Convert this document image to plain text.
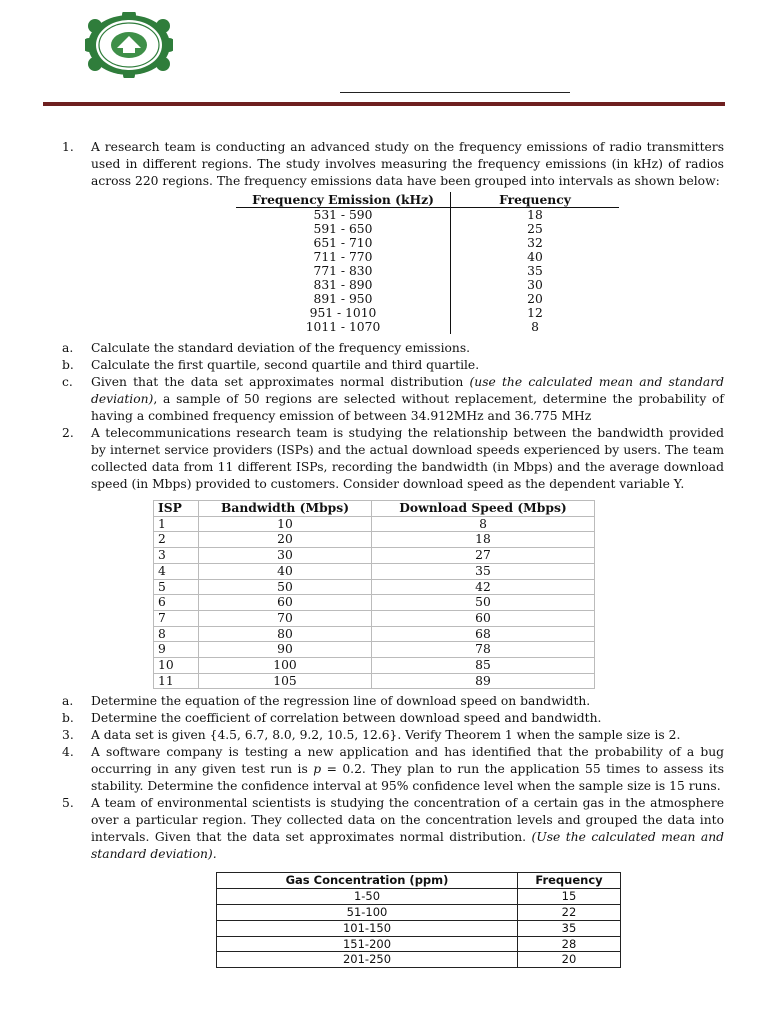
1.	A research team is conducting an advanced study on the frequency emissions of radio transmitters used in different regions. The study involves measuring the frequency emissions (in kHz) of radios across 220 regions. The frequency emissions data have been grouped into intervals as shown below:
Frequency Emission (kHz)	Frequency
531 - 590	18
591 - 650	25
651 - 710	32
711 - 770	40
771 - 830	35
831 - 890	30
891 - 950	20
951 - 1010	12
1011 - 1070	8
a.	Calculate the standard deviation of the frequency emissions.
b.	Calculate the first quartile, second quartile and third quartile.
c.	Given that the data set approximates normal distribution (use the calculated mean and standard deviation), a sample of 50 regions are selected without replacement, determine the probability of having a combined frequency emission of between 34.912MHz and 36.775 MHz
2.	A telecommunications research team is studying the relationship between the bandwidth provided by internet service providers (ISPs) and the actual download speeds experienced by users. The team collected data from 11 different ISPs, recording the bandwidth (in Mbps) and the average download speed (in Mbps) provided to customers. Consider download speed as the dependent variable Y.
ISP	Bandwidth (Mbps)	Download Speed (Mbps)
1	10	8
2	20	18
3	30	27
4	40	35
5	50	42
6	60	50
7	70	60
8	80	68
9	90	78
10	100	85
11	105	89
a.	Determine the equation of the regression line of download speed on bandwidth.
b.	Determine the coefficient of correlation between download speed and bandwidth.
3.	A data set is given {4.5, 6.7, 8.0, 9.2, 10.5, 12.6}. Verify Theorem 1 when the sample size is 2.
4.	A software company is testing a new application and has identified that the probability of a bug occurring in any given test run is p = 0.2. They plan to run the application 55 times to assess its stability. Determine the confidence interval at 95% confidence level when the sample size is 15 runs.
5.	A team of environmental scientists is studying the concentration of a certain gas in the atmosphere over a particular region. They collected data on the concentration levels and grouped the data into intervals. Given that the data set approximates normal distribution. (Use the calculated mean and standard deviation).
Gas Concentration (ppm)	Frequency
1-50	15
51-100	22
101-150	35
151-200	28
201-250	20
